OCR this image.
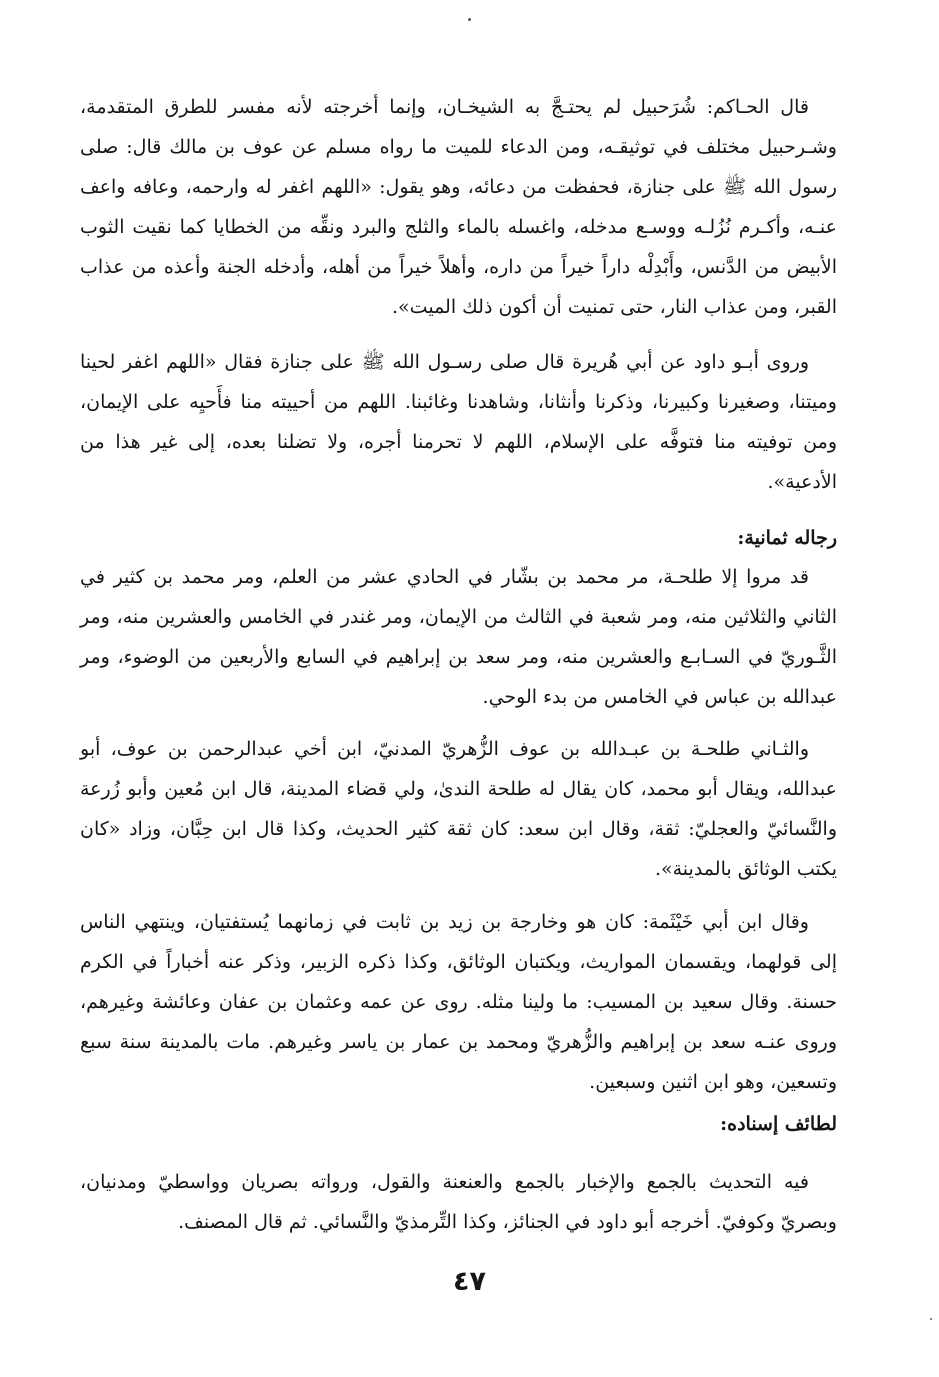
قال الحـاكم: شُرَحبيل لم يحتـجَّ به الشيخـان، وإنما أخرجته لأنه مفسر للطرق المتقدمة،
وشـرحبيل مختلف في توثيقـه، ومن الدعاء للميت ما رواه مسلم عن عوف بن مالك قال: صلى
رسول الله ﷺ على جنازة، فحفظت من دعائه، وهو يقول: «اللهم اغفر له وارحمه، وعافه واعف
عنـه، وأكـرم نُزُلـه ووسـع مدخله، واغسله بالماء والثلج والبرد ونقِّه من الخطايا كما نقيت الثوب
الأبيض من الدَّنس، وأَبْدِلْه داراً خيراً من داره، وأهلاً خيراً من أهله، وأدخله الجنة وأعذه من عذاب
القبر، ومن عذاب النار، حتى تمنيت أن أكون ذلك الميت».
وروى أبـو داود عن أبي هُريرة قال صلى رسـول الله ﷺ على جنازة فقال «اللهم اغفر لحينا
وميتنا، وصغيرنا وكبيرنا، وذكرنا وأنثانا، وشاهدنا وغائبنا. اللهم من أحييته منا فأَحيِه على الإيمان،
ومن توفيته منا فتوفَّه على الإسلام، اللهم لا تحرمنا أجره، ولا تضلنا بعده، إلى غير هذا من
الأدعية».
رجاله ثمانية:
قد مروا إلا طلحـة، مر محمد بن بشّار في الحادي عشر من العلم، ومر محمد بن كثير في
الثاني والثلاثين منه، ومر شعبة في الثالث من الإيمان، ومر غندر في الخامس والعشرين منه، ومر
الثَّـوريّ في السـابـع والعشرين منه، ومر سعد بن إبراهيم في السابع والأربعين من الوضوء، ومر
عبدالله بن عباس في الخامس من بدء الوحي.
والثـاني طلحـة بن عبـدالله بن عوف الزُّهريّ المدنيّ، ابن أخي عبدالرحمن بن عوف، أبو
عبدالله، ويقال أبو محمد، كان يقال له طلحة الندىٰ، ولي قضاء المدينة، قال ابن مُعين وأبو زُرعة
والنَّسائيّ والعجليّ: ثقة، وقال ابن سعد: كان ثقة كثير الحديث، وكذا قال ابن حِبَّان، وزاد «كان
يكتب الوثائق بالمدينة».
وقال ابن أبي خَيْثَمة: كان هو وخارجة بن زيد بن ثابت في زمانهما يُستفتيان، وينتهي الناس
إلى قولهما، ويقسمان المواريث، ويكتبان الوثائق، وكذا ذكره الزبير، وذكر عنه أخباراً في الكرم
حسنة. وقال سعيد بن المسيب: ما ولينا مثله. روى عن عمه وعثمان بن عفان وعائشة وغيرهم،
وروى عنـه سعد بن إبراهيم والزُّهريّ ومحمد بن عمار بن ياسر وغيرهم. مات بالمدينة سنة سبع
وتسعين، وهو ابن اثنين وسبعين.
لطائف إسناده:
فيه التحديث بالجمع والإخبار بالجمع والعنعنة والقول، ورواته بصريان وواسطيّ ومدنيان،
وبصريّ وكوفيّ. أخرجه أبو داود في الجنائز، وكذا التِّرمذيّ والنَّسائي. ثم قال المصنف.
٤٧
